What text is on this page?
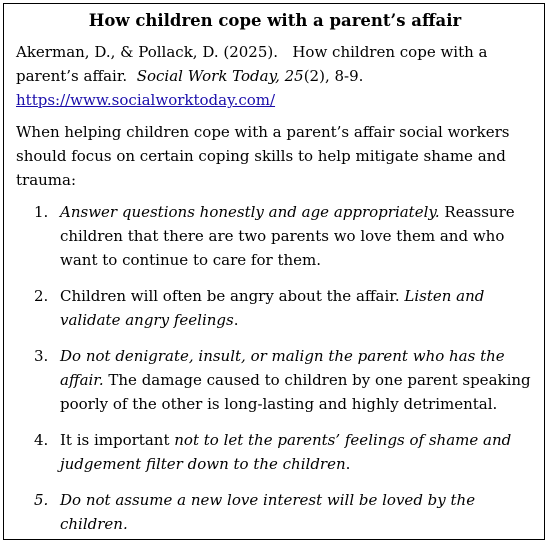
How children cope with a parent’s affair
Akerman, D., & Pollack, D. (2025). How children cope with a parent’s affair. Social Work Today, 25(2), 8-9.
https://www.socialworktoday.com/
When helping children cope with a parent’s affair social workers should focus on certain coping skills to help mitigate shame and trauma:
1. Answer questions honestly and age appropriately. Reassure children that there are two parents wo love them and who want to continue to care for them.
2. Children will often be angry about the affair. Listen and validate angry feelings.
3. Do not denigrate, insult, or malign the parent who has the affair. The damage caused to children by one parent speaking poorly of the other is long-lasting and highly detrimental.
4. It is important not to let the parents’ feelings of shame and judgement filter down to the children.
5. Do not assume a new love interest will be loved by the children.
